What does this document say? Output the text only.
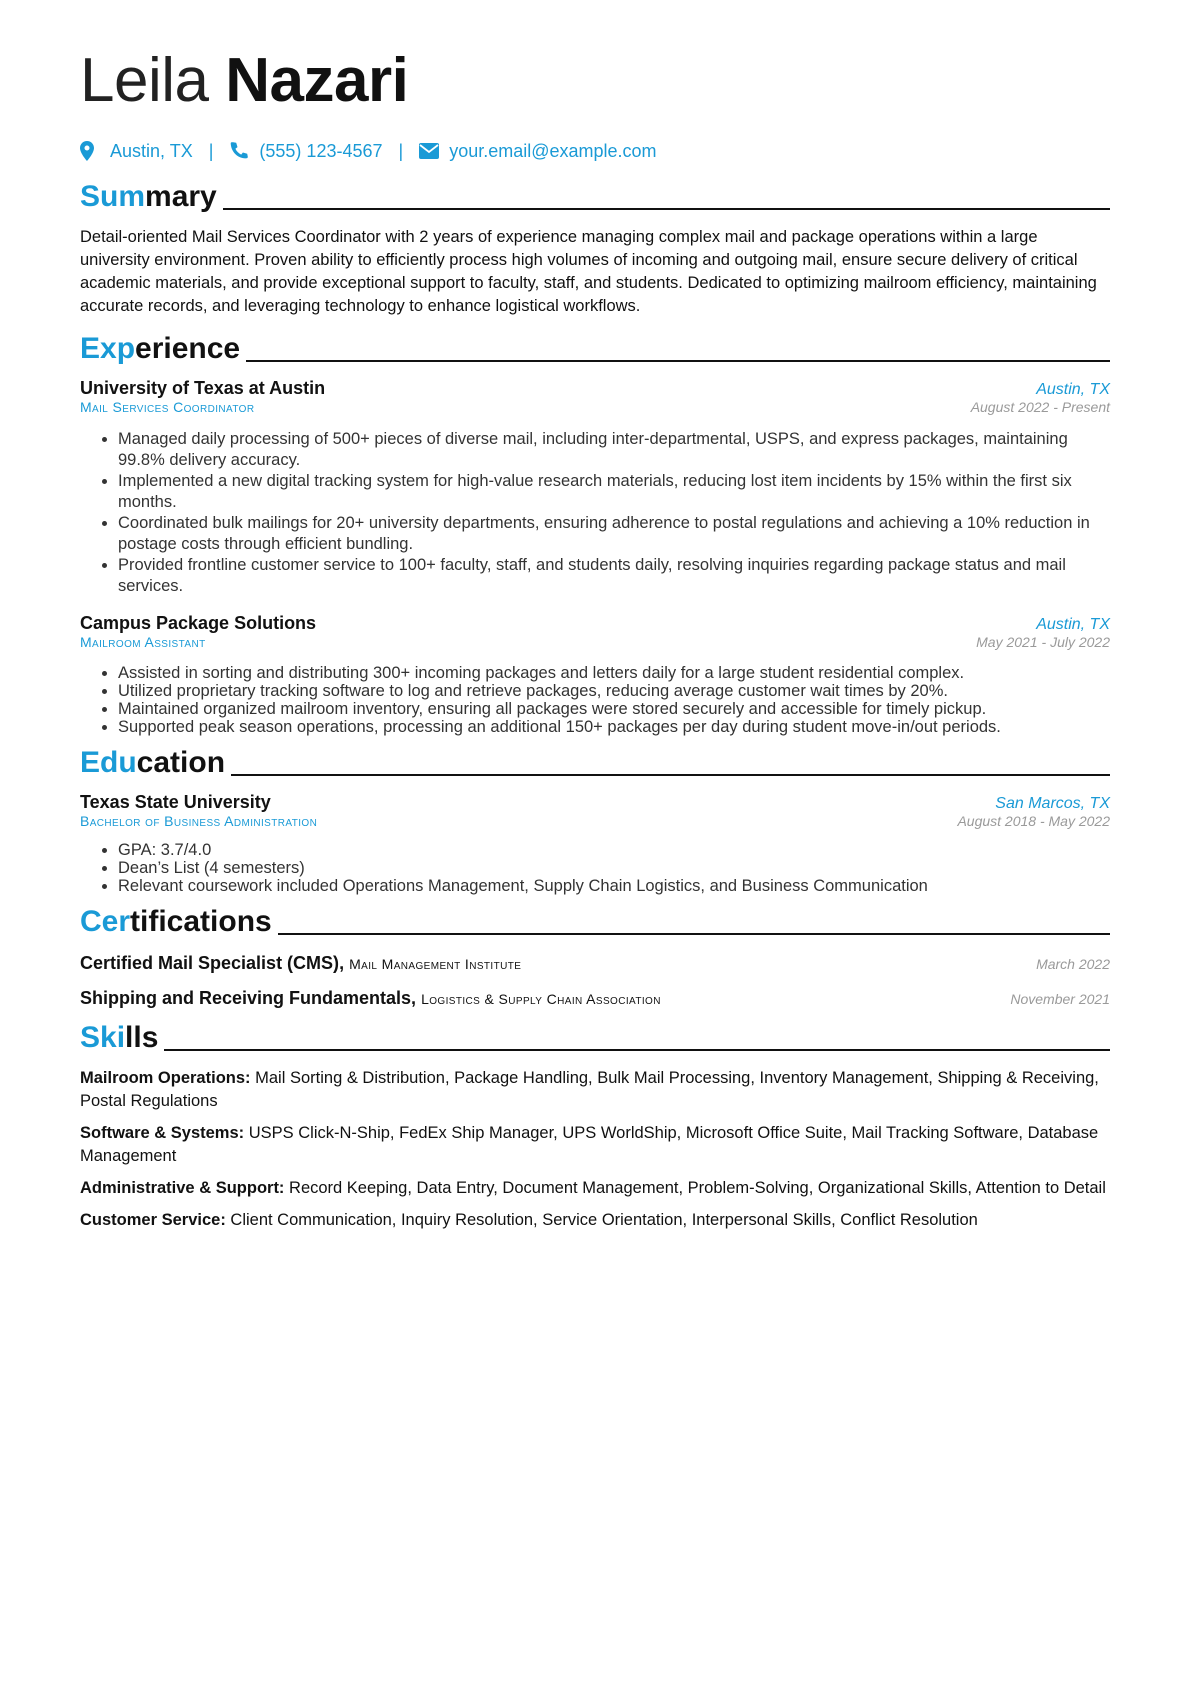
Leila Nazari
Austin, TX |	(555) 123-4567 |	your.email@example.com
Summary
Detail-oriented Mail Services Coordinator with 2 years of experience managing complex mail and package operations within a large university environment. Proven ability to efficiently process high volumes of incoming and outgoing mail, ensure secure delivery of critical academic materials, and provide exceptional support to faculty, staff, and students. Dedicated to optimizing mailroom efficiency, maintaining accurate records, and leveraging technology to enhance logistical workflows.
Experience
University of Texas at Austin	Austin, TX
Mail Services Coordinator	August 2022 - Present
• Managed daily processing of 500+ pieces of diverse mail, including inter-departmental, USPS, and express packages, maintaining 99.8% delivery accuracy.
• Implemented a new digital tracking system for high-value research materials, reducing lost item incidents by 15% within the first six months.
• Coordinated bulk mailings for 20+ university departments, ensuring adherence to postal regulations and achieving a 10% reduction in postage costs through efficient bundling.
• Provided frontline customer service to 100+ faculty, staff, and students daily, resolving inquiries regarding package status and mail services.
Campus Package Solutions	Austin, TX
Mailroom Assistant	May 2021 - July 2022
• Assisted in sorting and distributing 300+ incoming packages and letters daily for a large student residential complex.
• Utilized proprietary tracking software to log and retrieve packages, reducing average customer wait times by 20%.
• Maintained organized mailroom inventory, ensuring all packages were stored securely and accessible for timely pickup.
• Supported peak season operations, processing an additional 150+ packages per day during student move-in/out periods.
Education
Texas State University	San Marcos, TX
Bachelor of Business Administration	August 2018 - May 2022
• GPA: 3.7/4.0
• Dean’s List (4 semesters)
• Relevant coursework included Operations Management, Supply Chain Logistics, and Business Communication
Certifications
Certified Mail Specialist (CMS), Mail Management Institute	March 2022
Shipping and Receiving Fundamentals, Logistics & Supply Chain Association	November 2021
Skills
Mailroom Operations: Mail Sorting & Distribution, Package Handling, Bulk Mail Processing, Inventory Management, Shipping & Receiving, Postal Regulations
Software & Systems: USPS Click-N-Ship, FedEx Ship Manager, UPS WorldShip, Microsoft Office Suite, Mail Tracking Software, Database Management
Administrative & Support: Record Keeping, Data Entry, Document Management, Problem-Solving, Organizational Skills, Attention to Detail
Customer Service: Client Communication, Inquiry Resolution, Service Orientation, Interpersonal Skills, Conflict Resolution
